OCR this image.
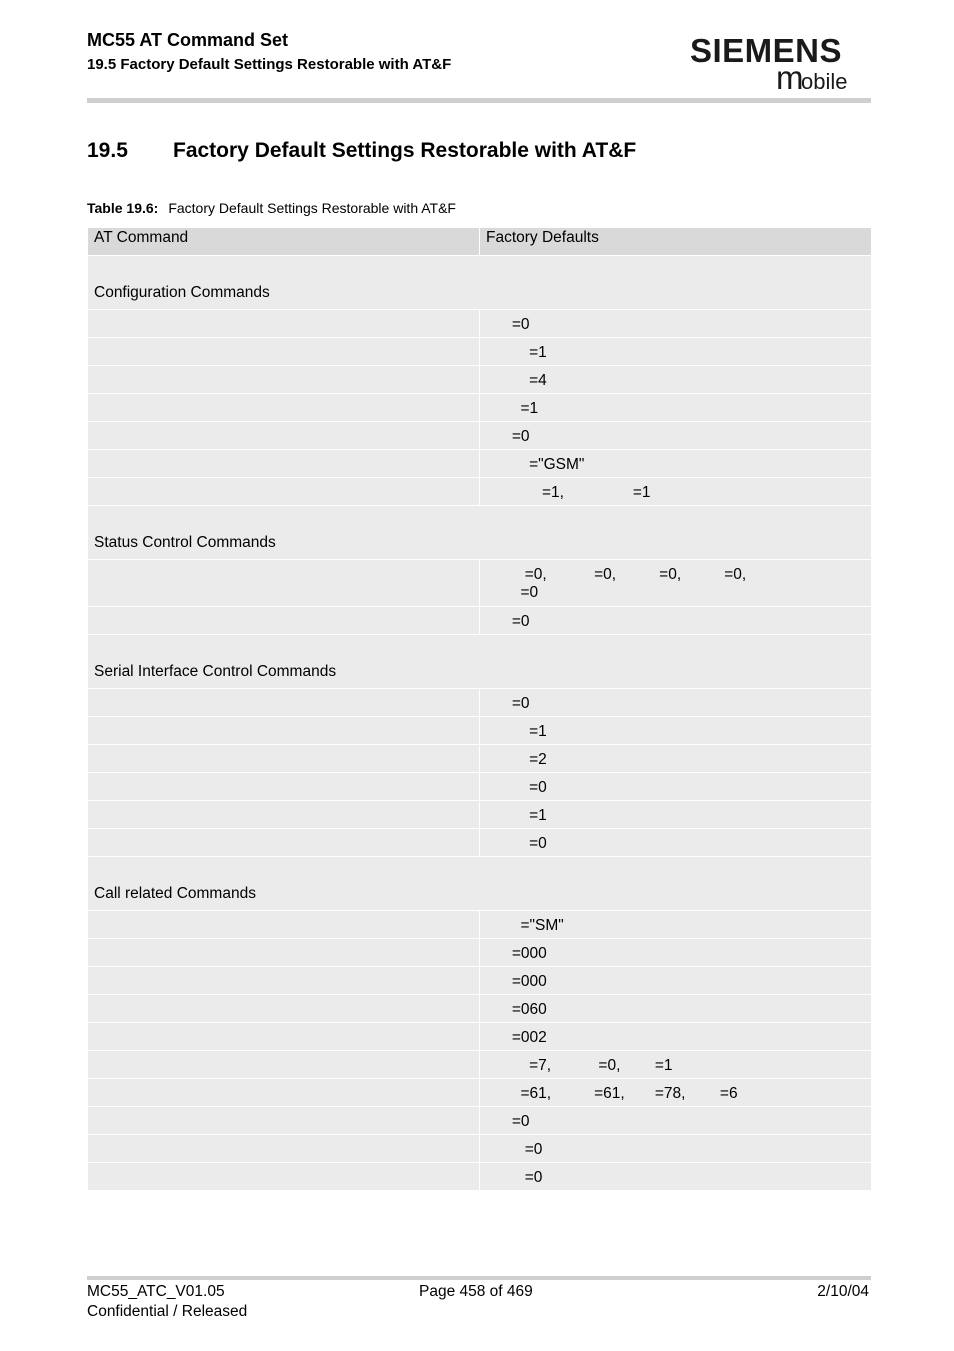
MC55 AT Command Set
19.5 Factory Default Settings Restorable with AT&F	SIEMENS
m
obile
19.5 Factory Default Settings Restorable with AT&F
Table 19.6: Factory Default Settings Restorable with AT&F
AT Command	Factory Defaults
Configuration Commands	

	=0

	=1

	=4

	=1

	=0

	="GSM"

	=1,                =1

Status Control Commands	

	=0,           =0,          =0,          =0,
=0

	=0

Serial Interface Control Commands	

	=0

	=1

	=2

	=0

	=1

	=0

Call related Commands	

	="SM"

	=000

	=000

	=060

	=002

	=7,           =0,        =1

	=61,          =61,       =78,        =6

	=0

	=0

	=0
MC55_ATC_V01.05
Confidential / Released
Page 458 of 469	2/10/04
